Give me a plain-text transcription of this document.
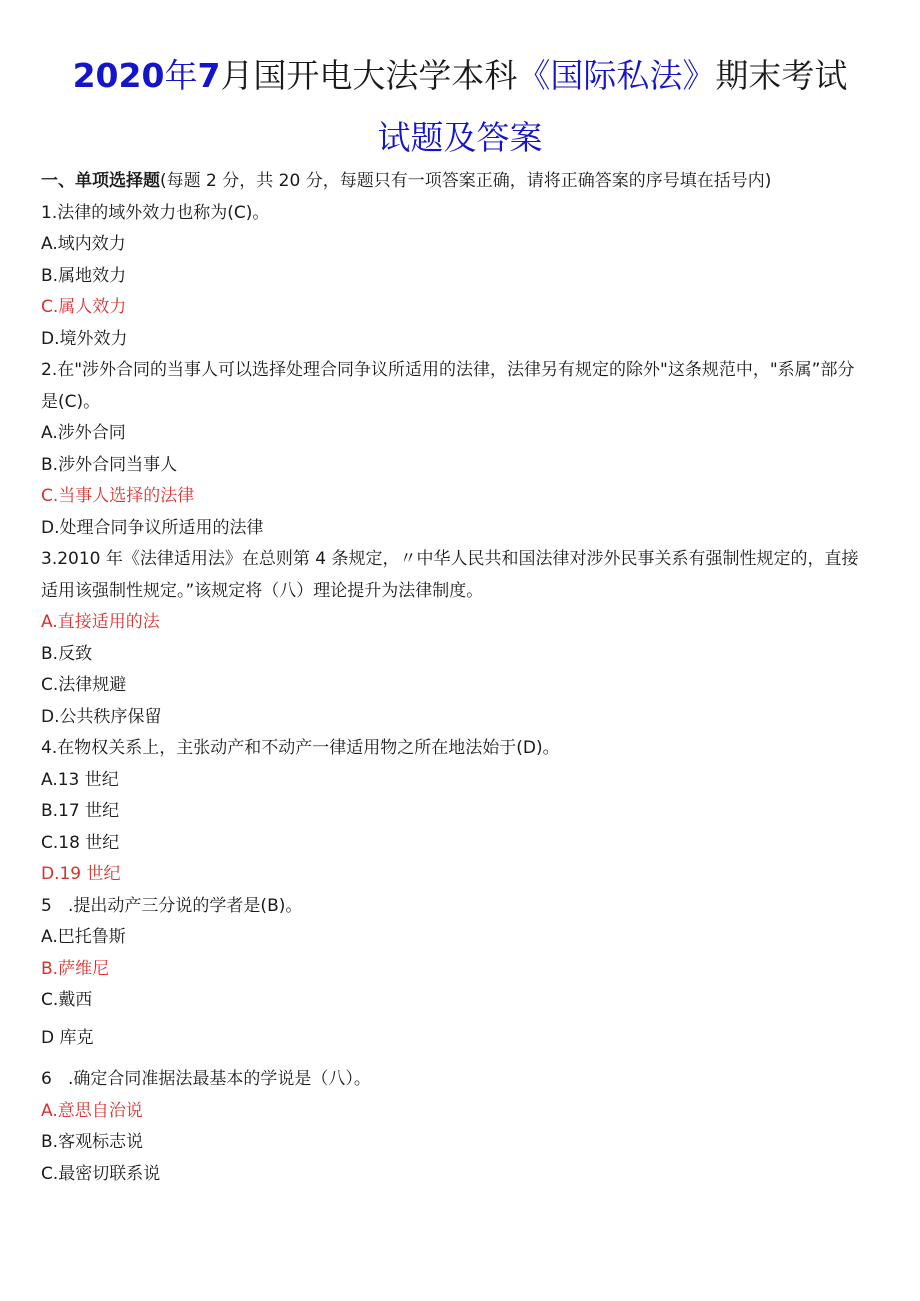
2020年7月国开电大法学本科《国际私法》期末考试
试题及答案

一、单项选择题(每题 2 分，共 20 分，每题只有一项答案正确，请将正确答案的序号填在括号内)

1.法律的域外效力也称为(C)。

A.域内效力

B.属地效力

C.属人效力

D.境外效力

2.在"涉外合同的当事人可以选择处理合同争议所适用的法律，法律另有规定的除外"这条规范中，"系属”部分是(C)。

A.涉外合同

B.涉外合同当事人

C.当事人选择的法律

D.处理合同争议所适用的法律

3.2010 年《法律适用法》在总则第 4 条规定，〃中华人民共和国法律对涉外民事关系有强制性规定的，直接适用该强制性规定。”该规定将（八）理论提升为法律制度。

A.直接适用的法

B.反致

C.法律规避

D.公共秩序保留

4.在物权关系上，主张动产和不动产一律适用物之所在地法始于(D)。

A.13 世纪

B.17 世纪

C.18 世纪

D.19 世纪

5   .提出动产三分说的学者是(B)。

A.巴托鲁斯

B.萨维尼

C.戴西

D 库克

6   .确定合同准据法最基本的学说是（八）。

A.意思自治说

B.客观标志说

C.最密切联系说
